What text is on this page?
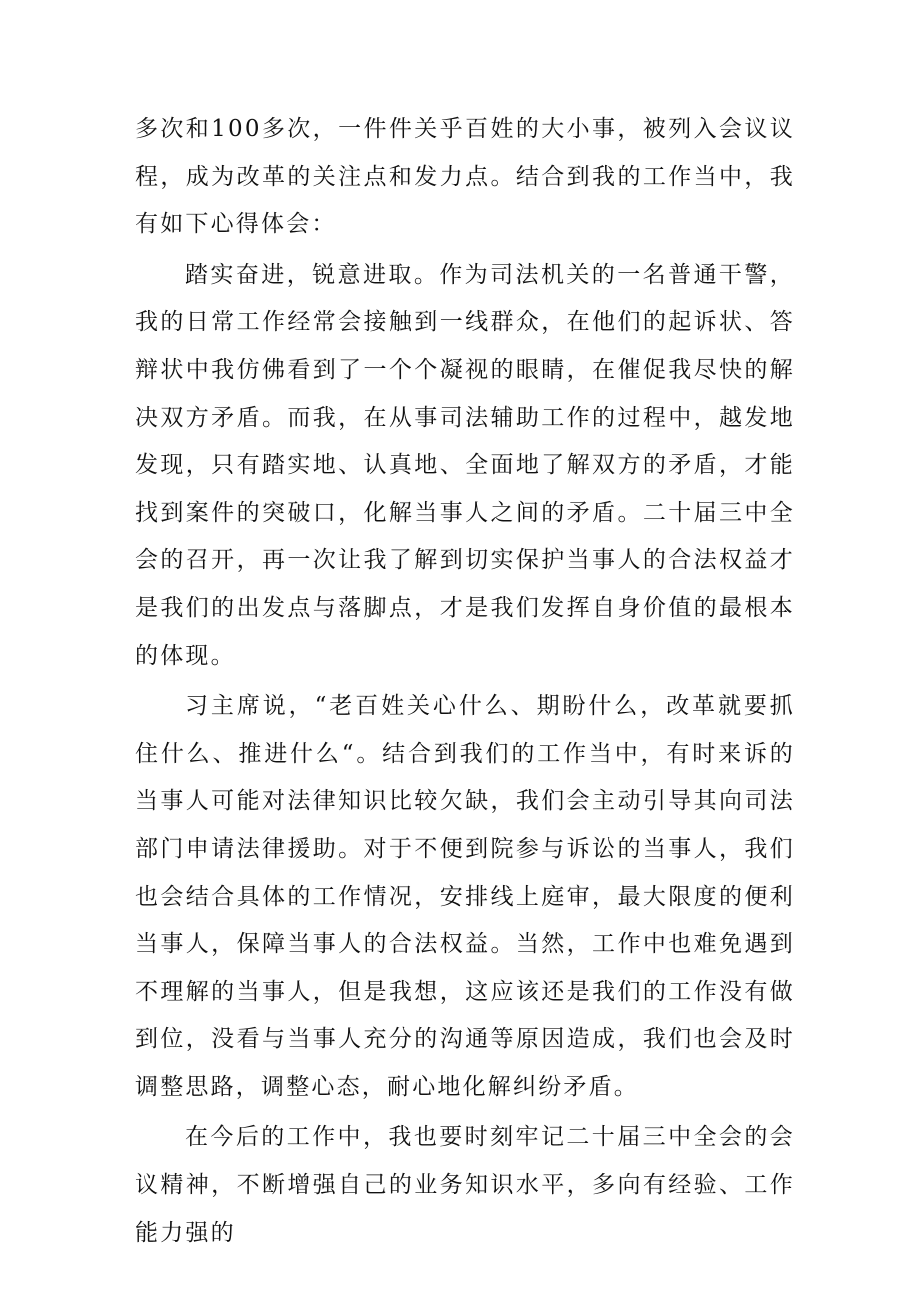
多次和100多次，一件件关乎百姓的大小事，被列入会议议程，成为改革的关注点和发力点。结合到我的工作当中，我有如下心得体会：

踏实奋进，锐意进取。作为司法机关的一名普通干警，我的日常工作经常会接触到一线群众，在他们的起诉状、答辩状中我仿佛看到了一个个凝视的眼睛，在催促我尽快的解决双方矛盾。而我，在从事司法辅助工作的过程中，越发地发现，只有踏实地、认真地、全面地了解双方的矛盾，才能找到案件的突破口，化解当事人之间的矛盾。二十届三中全会的召开，再一次让我了解到切实保护当事人的合法权益才是我们的出发点与落脚点，才是我们发挥自身价值的最根本的体现。

习主席说，“老百姓关心什么、期盼什么，改革就要抓住什么、推进什么“。结合到我们的工作当中，有时来诉的当事人可能对法律知识比较欠缺，我们会主动引导其向司法部门申请法律援助。对于不便到院参与诉讼的当事人，我们也会结合具体的工作情况，安排线上庭审，最大限度的便利当事人，保障当事人的合法权益。当然，工作中也难免遇到不理解的当事人，但是我想，这应该还是我们的工作没有做到位，没看与当事人充分的沟通等原因造成，我们也会及时调整思路，调整心态，耐心地化解纠纷矛盾。

在今后的工作中，我也要时刻牢记二十届三中全会的会议精神，不断增强自己的业务知识水平，多向有经验、工作能力强的
